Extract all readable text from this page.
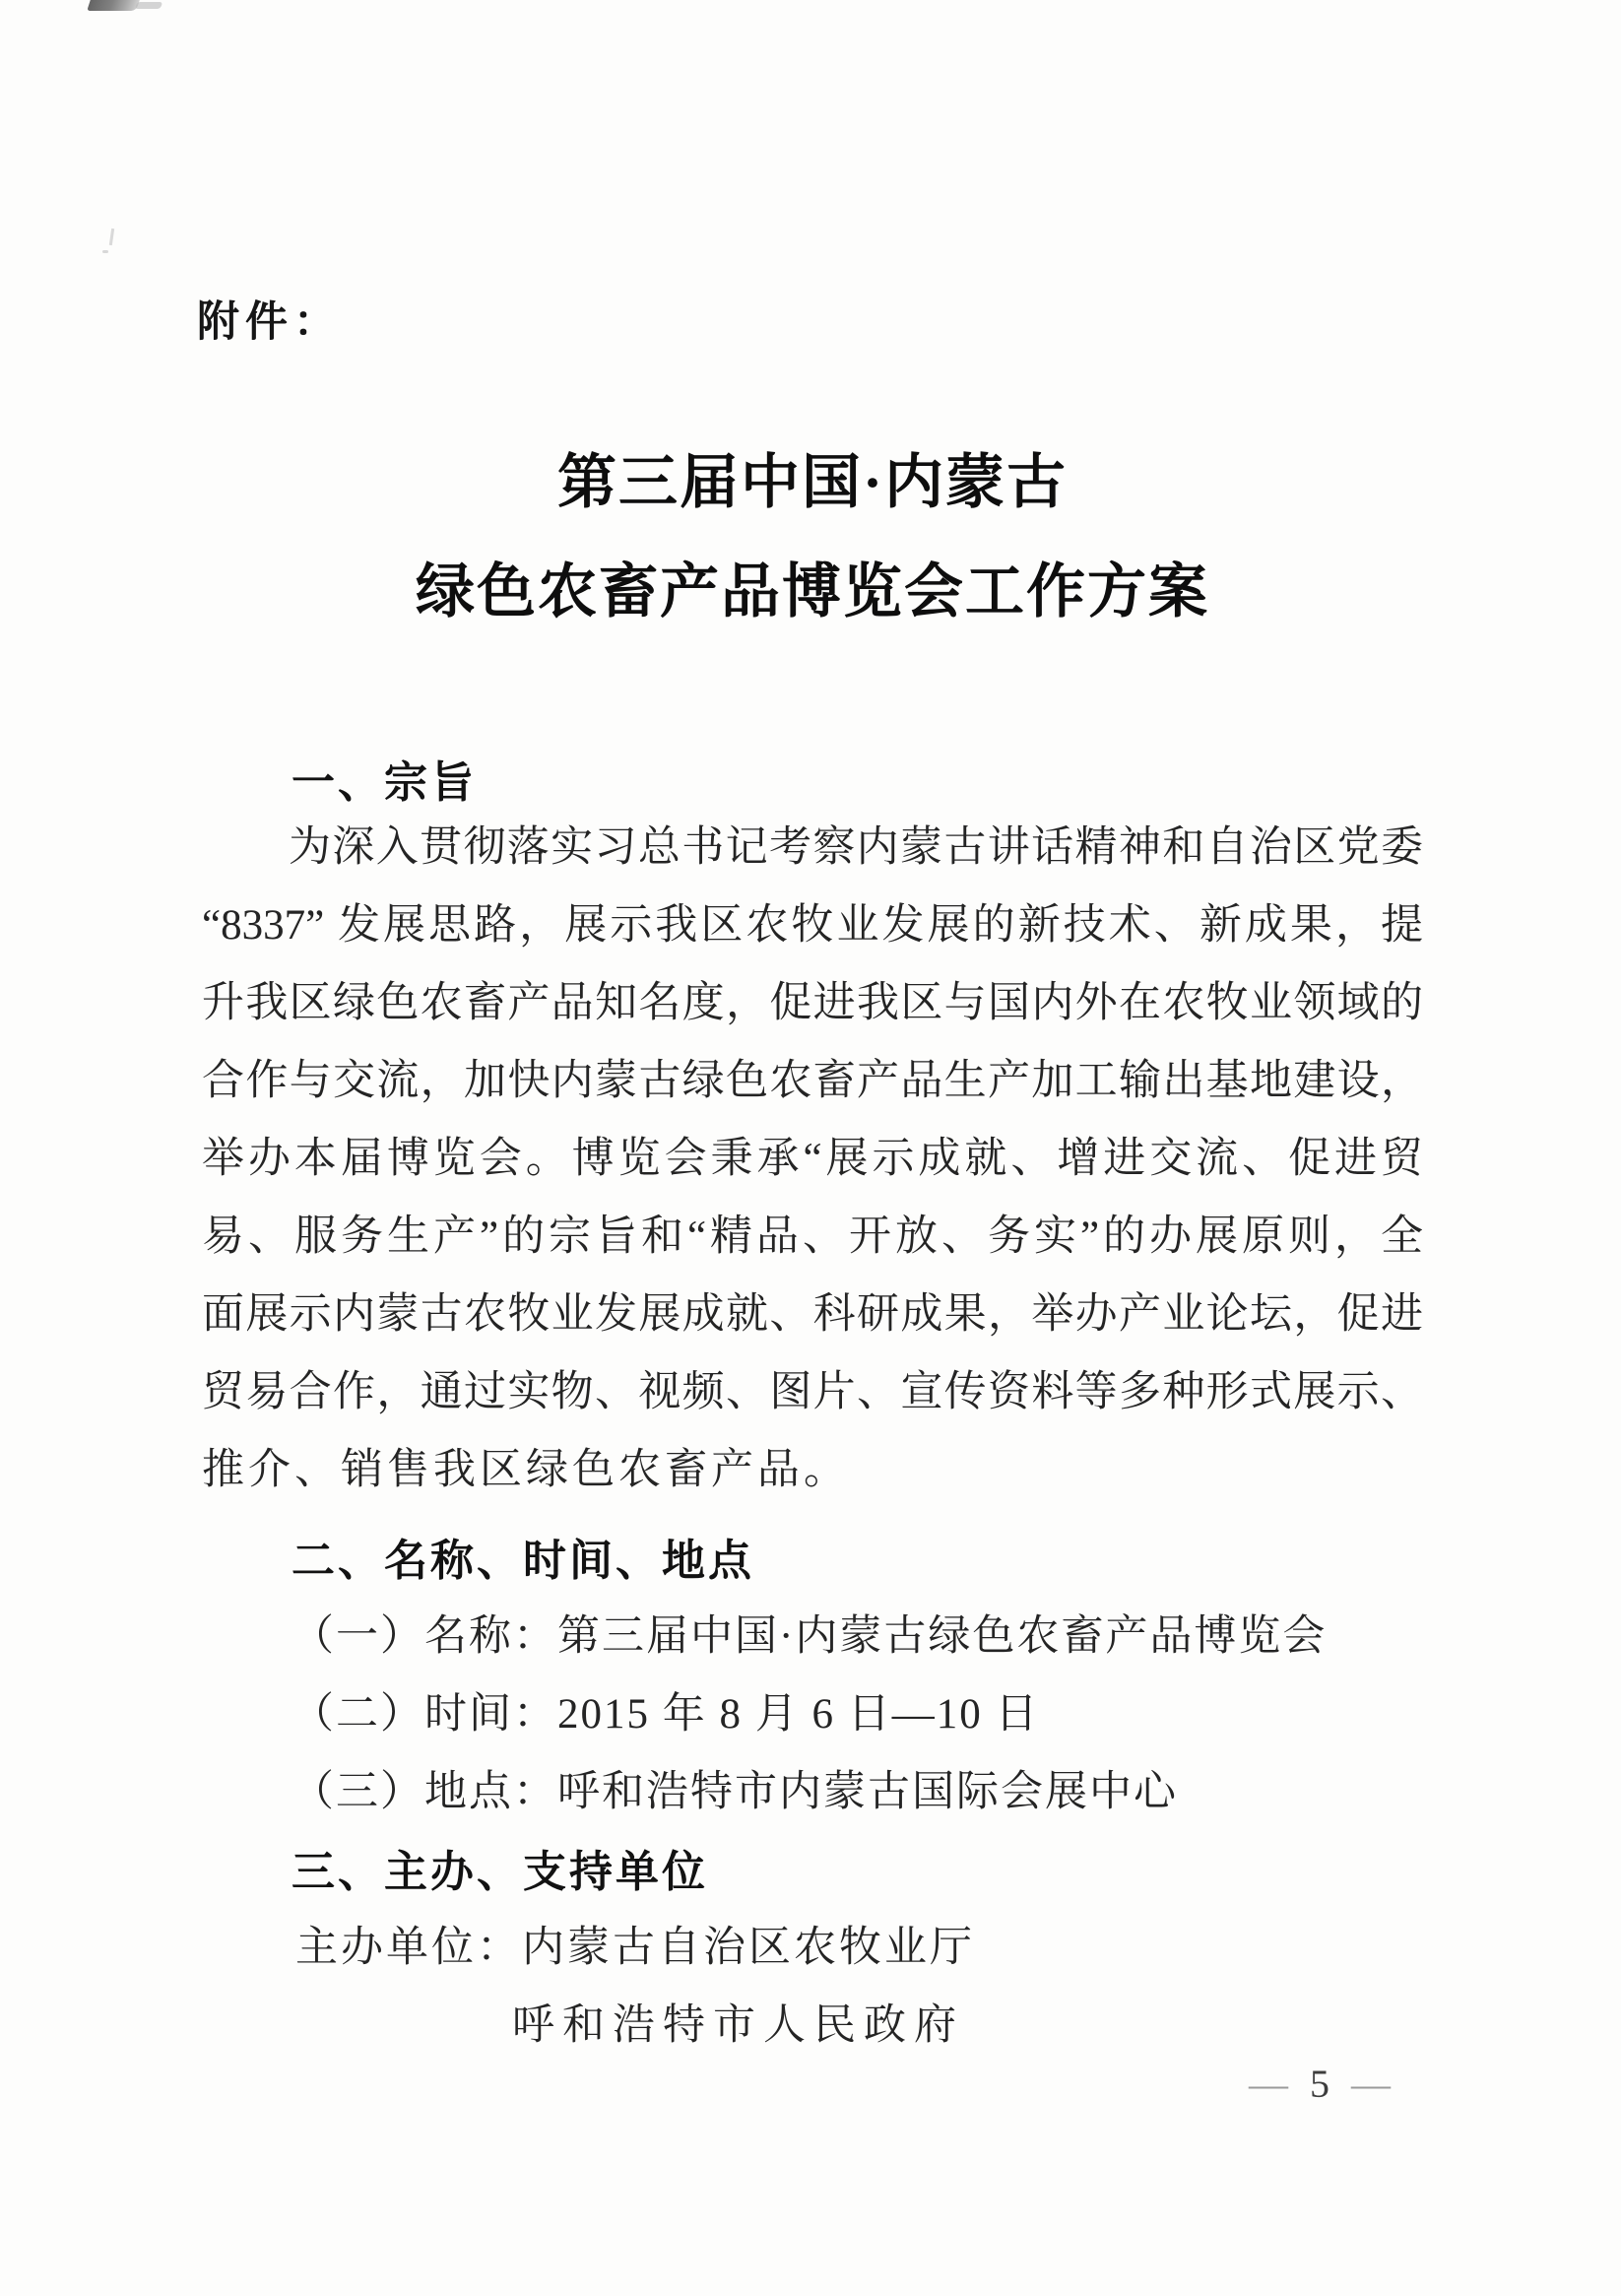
附件：
第三届中国·内蒙古
绿色农畜产品博览会工作方案
一、宗旨
为深入贯彻落实习总书记考察内蒙古讲话精神和自治区党委
“8337” 发展思路，展示我区农牧业发展的新技术、新成果，提
升我区绿色农畜产品知名度，促进我区与国内外在农牧业领域的
合作与交流，加快内蒙古绿色农畜产品生产加工输出基地建设，
举办本届博览会。博览会秉承“展示成就、增进交流、促进贸
易、服务生产”的宗旨和“精品、开放、务实”的办展原则，全
面展示内蒙古农牧业发展成就、科研成果，举办产业论坛，促进
贸易合作，通过实物、视频、图片、宣传资料等多种形式展示、
推介、销售我区绿色农畜产品。
二、名称、时间、地点
（一）名称：第三届中国·内蒙古绿色农畜产品博览会
（二）时间：2015 年 8 月 6 日—10 日
（三）地点：呼和浩特市内蒙古国际会展中心
三、主办、支持单位
主办单位：内蒙古自治区农牧业厅
呼和浩特市人民政府
— 5 —
